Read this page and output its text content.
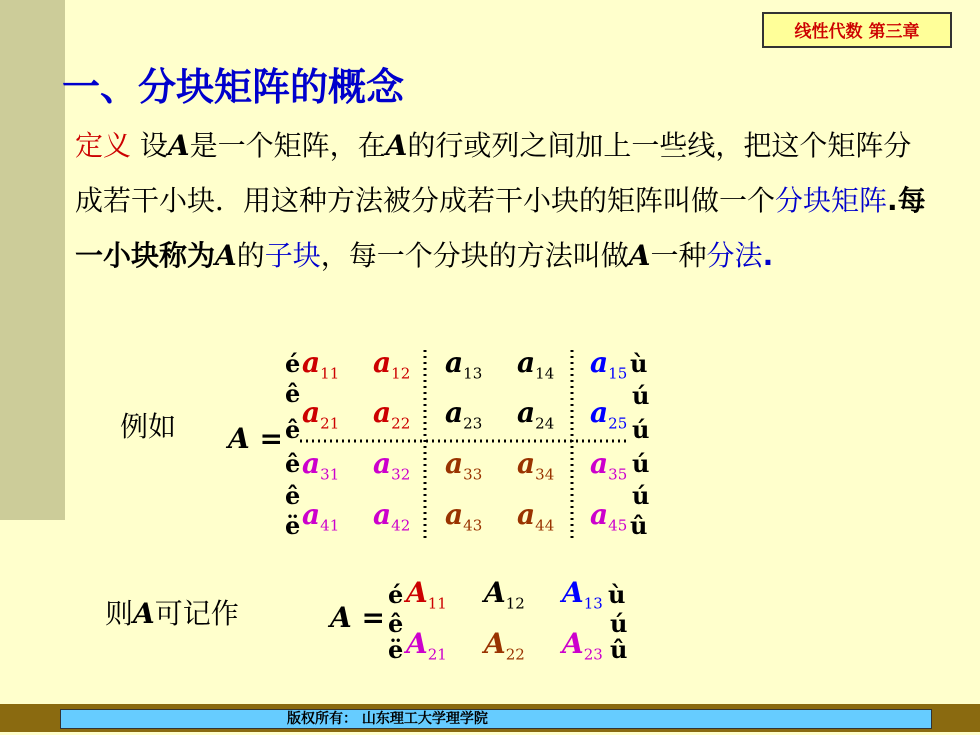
线性代数 第三章
一、分块矩阵的概念
定义 设A是一个矩阵，在A的行或列之间加上一些线，把这个矩阵分成若干小块．用这种方法被分成若干小块的矩阵叫做一个分块矩阵.每一小块称为A的子块，每一个分块的方法叫做A一种分法.
例如 A =
é
ê
ê
ê
ê
ë
ù
ú
ú
ú
ú
û
$a_{11}$ $a_{12}$ $a_{13}$ $a_{14}$ $a_{15}$
$a_{21}$ $a_{22}$ $a_{23}$ $a_{24}$ $a_{25}$
$a_{31}$ $a_{32}$ $a_{33}$ $a_{34}$ $a_{35}$
$a_{41}$ $a_{42}$ $a_{43}$ $a_{44}$ $a_{45}$
则A可记作	A =
é
ê
ë
ù
ú
û
$A_{11}$ $A_{12}$ $A_{13}$
$A_{21}$ $A_{22}$ $A_{23}$
版权所有： 山东理工大学理学院
